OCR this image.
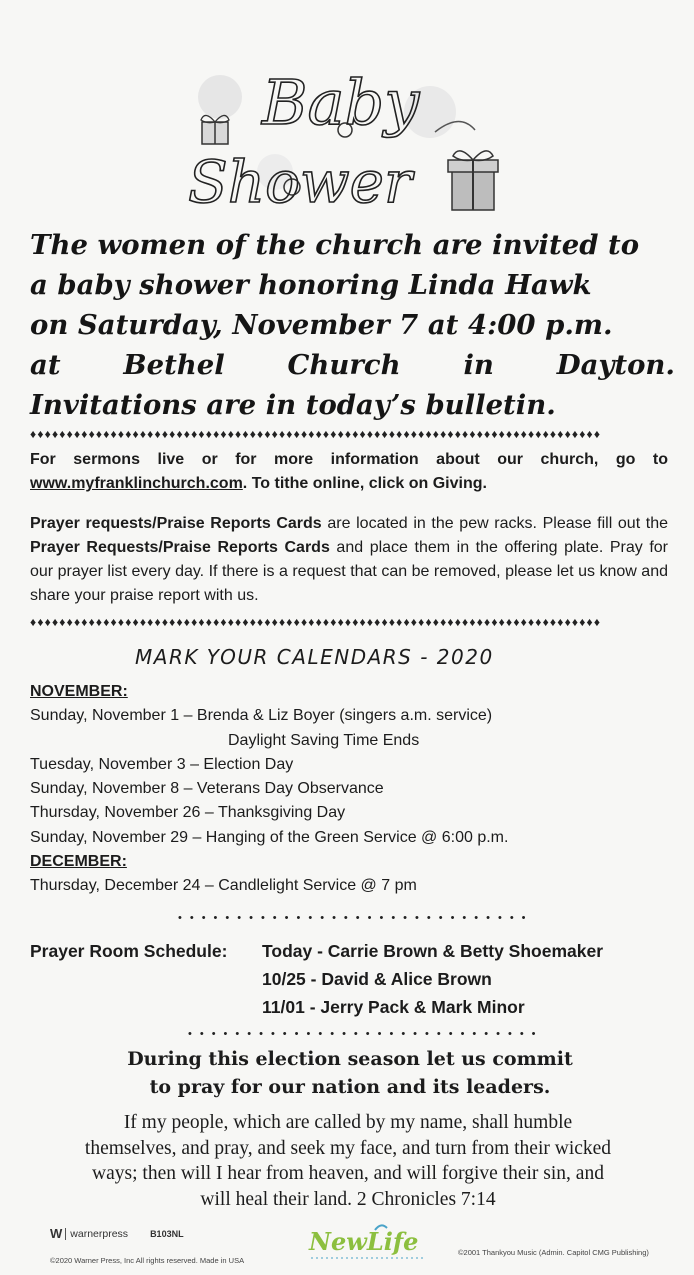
Baby
Shower
The women of the church are invited to
a baby shower honoring Linda Hawk
on Saturday, November 7 at 4:00 p.m.
at Bethel Church in Dayton.
Invitations are in today’s bulletin.
♦♦♦♦♦♦♦♦♦♦♦♦♦♦♦♦♦♦♦♦♦♦♦♦♦♦♦♦♦♦♦♦♦♦♦♦♦♦♦♦♦♦♦♦♦♦♦♦♦♦♦♦♦♦♦♦♦♦♦♦♦♦♦♦♦♦♦♦♦♦♦♦♦♦♦♦♦♦
For sermons live or for more information about our church, go to www.myfranklinchurch.com. To tithe online, click on Giving.
Prayer requests/Praise Reports Cards are located in the pew racks. Please fill out the Prayer Requests/Praise Reports Cards and place them in the offering plate. Pray for our prayer list every day. If there is a request that can be removed, please let us know and share your praise report with us.
♦♦♦♦♦♦♦♦♦♦♦♦♦♦♦♦♦♦♦♦♦♦♦♦♦♦♦♦♦♦♦♦♦♦♦♦♦♦♦♦♦♦♦♦♦♦♦♦♦♦♦♦♦♦♦♦♦♦♦♦♦♦♦♦♦♦♦♦♦♦♦♦♦♦♦♦♦♦
MARK YOUR CALENDARS - 2020
NOVEMBER:
Sunday, November 1 – Brenda & Liz Boyer (singers a.m. service)
Daylight Saving Time Ends
Tuesday, November 3 – Election Day
Sunday, November 8 – Veterans Day Observance
Thursday, November 26 – Thanksgiving Day
Sunday, November 29 – Hanging of the Green Service @ 6:00 p.m.
DECEMBER:
Thursday, December 24 – Candlelight Service @ 7 pm
••••••••••••••••••••••••••••••
Prayer Room Schedule:	Today - Carrie Brown & Betty Shoemaker
10/25 - David & Alice Brown
11/01 - Jerry Pack & Mark Minor
••••••••••••••••••••••••••••••
During this election season let us commit
to pray for our nation and its leaders.
If my people, which are called by my name, shall humble
themselves, and pray, and seek my face, and turn from their wicked
ways; then will I hear from heaven, and will forgive their sin, and
will heal their land. 2 Chronicles 7:14
W warnerpress B103NL
©2020 Warner Press, Inc All rights reserved. Made in USA
NewLife	©2001 Thankyou Music (Admin. Capitol CMG Publishing)
